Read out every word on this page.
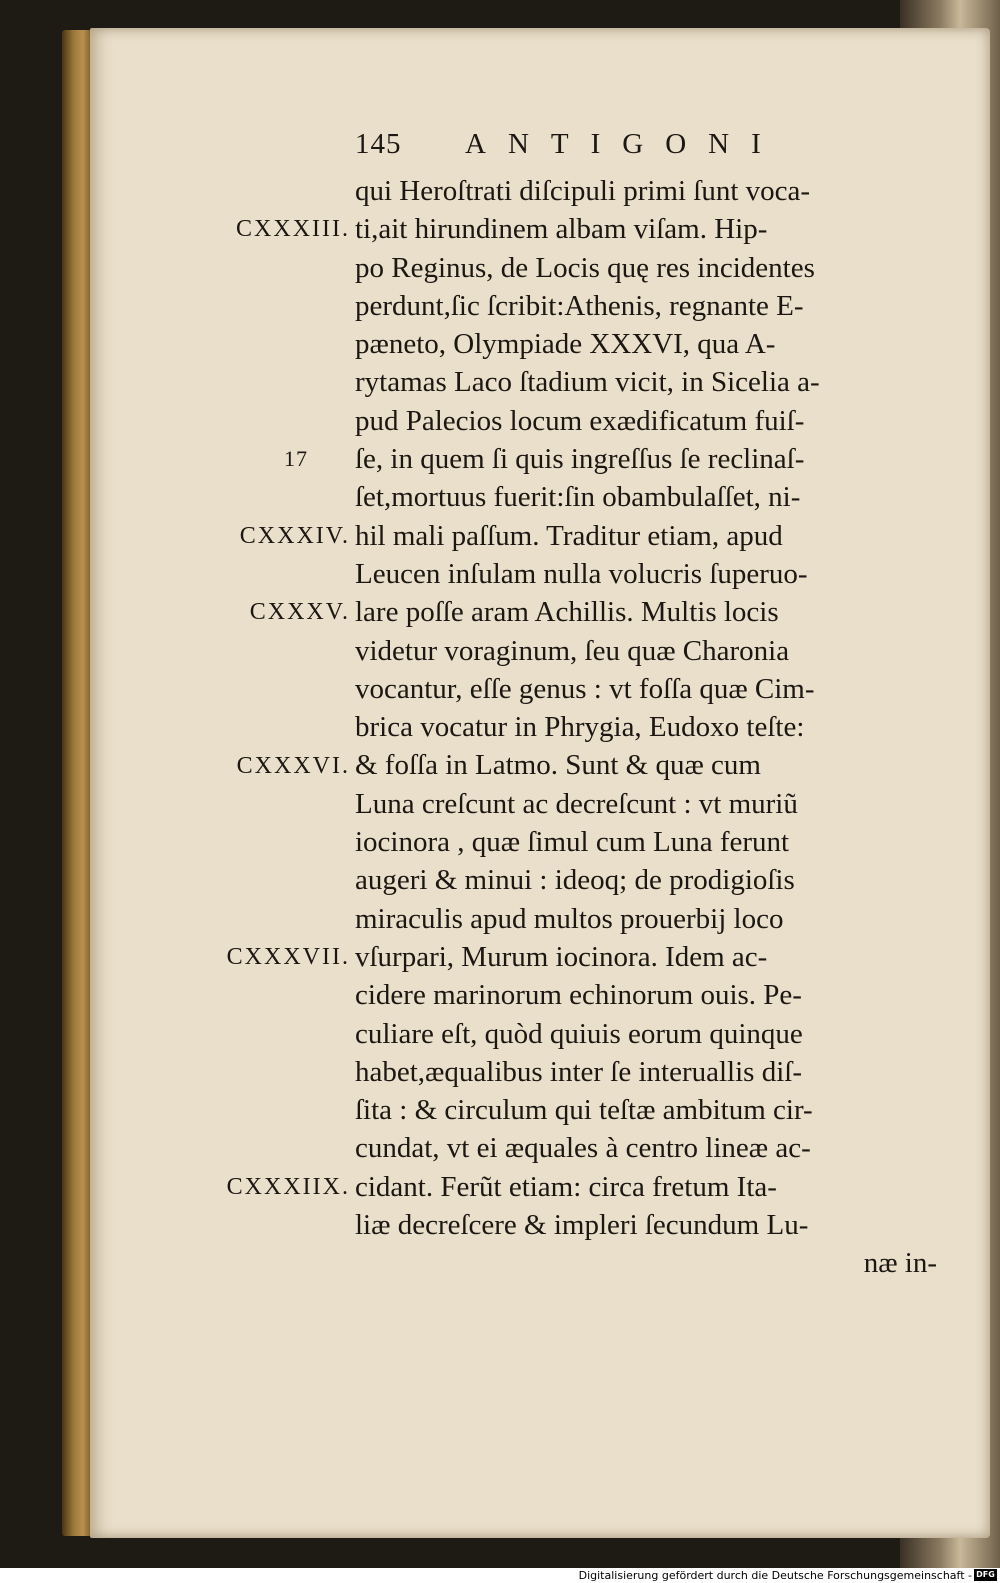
145 ANTIGONI
CXXXIII.
17
CXXXIV.
CXXXV.
CXXXVI.
CXXXVII.
CXXXIIX.
qui Heroſtrati diſcipuli primi ſunt voca-
ti,ait hirundinem albam viſam. Hip-
po Reginus, de Locis quę res incidentes
perdunt,ſic ſcribit:Athenis, regnante E-
pæneto, Olympiade XXXVI, qua A-
rytamas Laco ſtadium vicit, in Sicelia a-
pud Palecios locum exædificatum fuiſ-
ſe, in quem ſi quis ingreſſus ſe reclinaſ-
ſet,mortuus fuerit:ſin obambulaſſet, ni-
hil mali paſſum. Traditur etiam, apud
Leucen inſulam nulla volucris ſuperuo-
lare poſſe aram Achillis. Multis locis
videtur voraginum, ſeu quæ Charonia
vocantur, eſſe genus : vt foſſa quæ Cim-
brica vocatur in Phrygia, Eudoxo teſte:
& foſſa in Latmo. Sunt & quæ cum
Luna creſcunt ac decreſcunt : vt muriũ
iocinora , quæ ſimul cum Luna ferunt
augeri & minui : ideoq; de prodigioſis
miraculis apud multos prouerbij loco
vſurpari, Murum iocinora. Idem ac-
cidere marinorum echinorum ouis. Pe-
culiare eſt, quòd quiuis eorum quinque
habet,æqualibus inter ſe interuallis diſ-
ſita : & circulum qui teſtæ ambitum cir-
cundat, vt ei æquales à centro lineæ ac-
cidant. Ferũt etiam: circa fretum Ita-
liæ decreſcere & impleri ſecundum Lu-
næ in-
Digitalisierung gefördert durch die Deutsche Forschungsgemeinschaft - DFG
